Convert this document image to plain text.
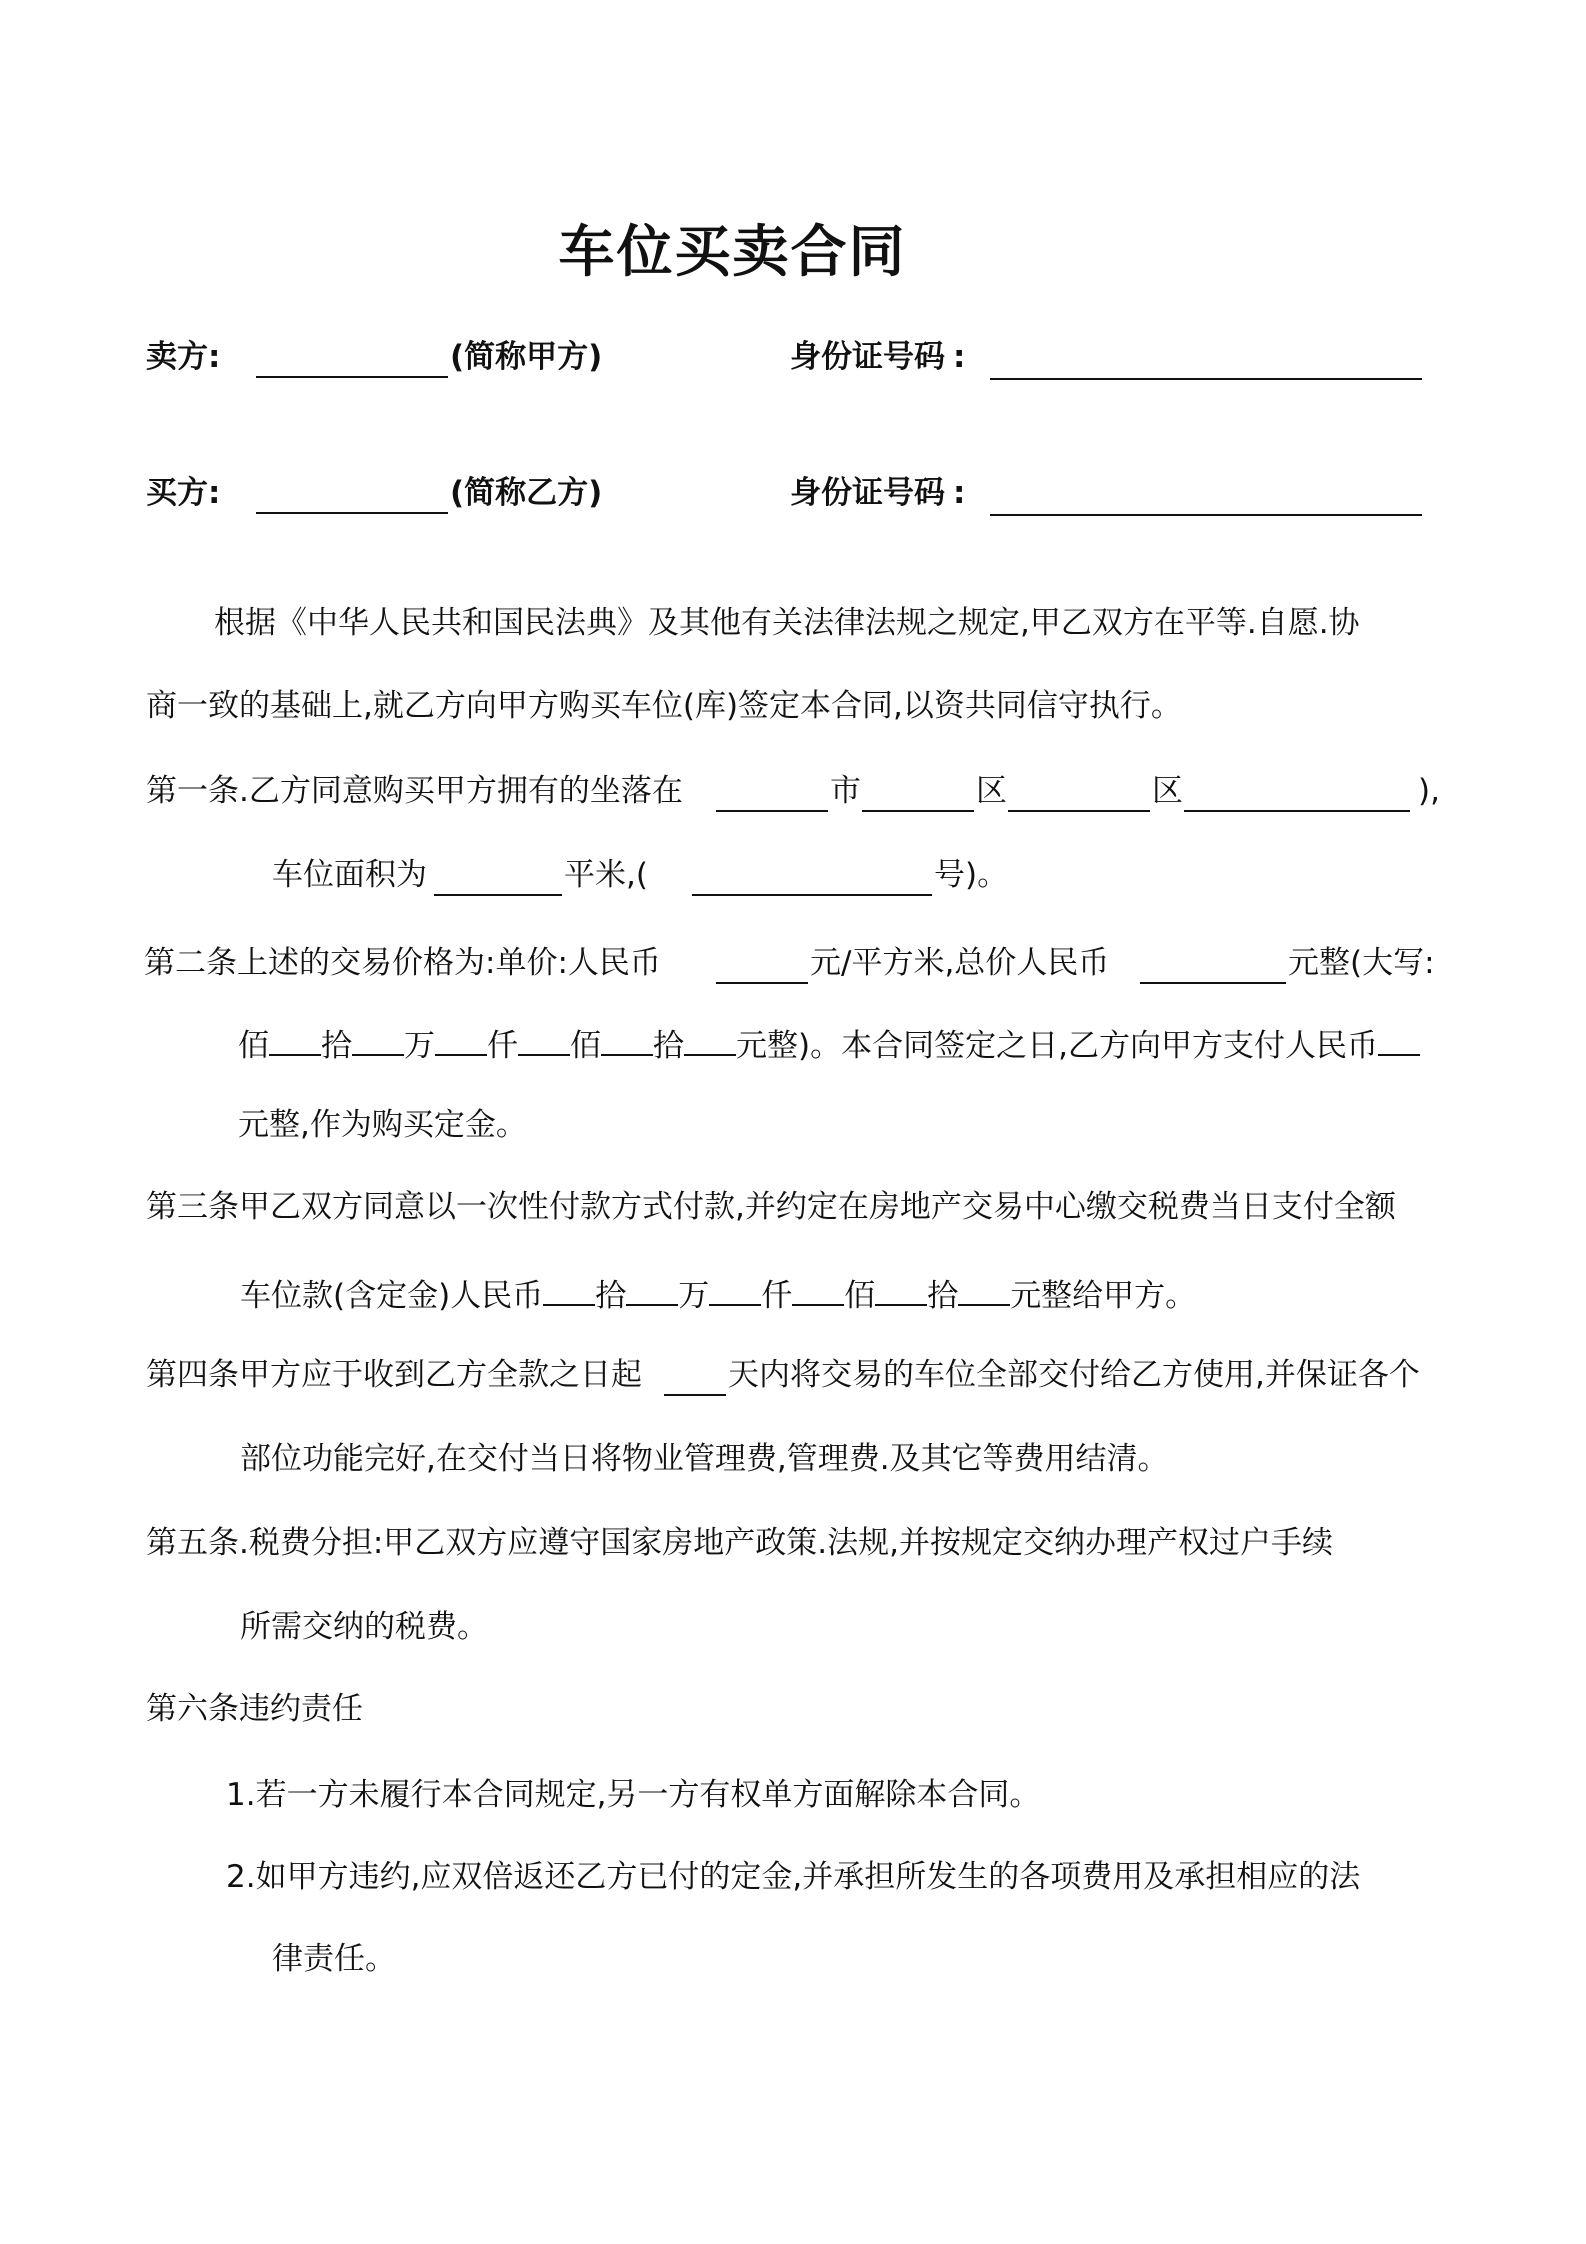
车位买卖合同
卖方:	(简称甲方)	身份证号码 :
买方:	(简称乙方)	身份证号码 :
根据《中华人民共和国民法典》及其他有关法律法规之规定,甲乙双方在平等.自愿.协
商一致的基础上,就乙方向甲方购买车位(库)签定本合同,以资共同信守执行。
第一条.乙方同意购买甲方拥有的坐落在	市	区	区	),
车位面积为	平米,(	号)。
第二条上述的交易价格为:单价:人民币	元/平方米,总价人民币	元整(大写:
佰 拾 万 仟 佰 拾 元整)。本合同签定之日,乙方向甲方支付人民币
元整,作为购买定金。
第三条甲乙双方同意以一次性付款方式付款,并约定在房地产交易中心缴交税费当日支付全额
车位款(含定金)人民币 拾 万 仟 佰 拾 元整给甲方。
第四条甲方应于收到乙方全款之日起	天内将交易的车位全部交付给乙方使用,并保证各个
部位功能完好,在交付当日将物业管理费,管理费.及其它等费用结清。
第五条.税费分担:甲乙双方应遵守国家房地产政策.法规,并按规定交纳办理产权过户手续
所需交纳的税费。
第六条违约责任
1.若一方未履行本合同规定,另一方有权单方面解除本合同。
2.如甲方违约,应双倍返还乙方已付的定金,并承担所发生的各项费用及承担相应的法
律责任。
